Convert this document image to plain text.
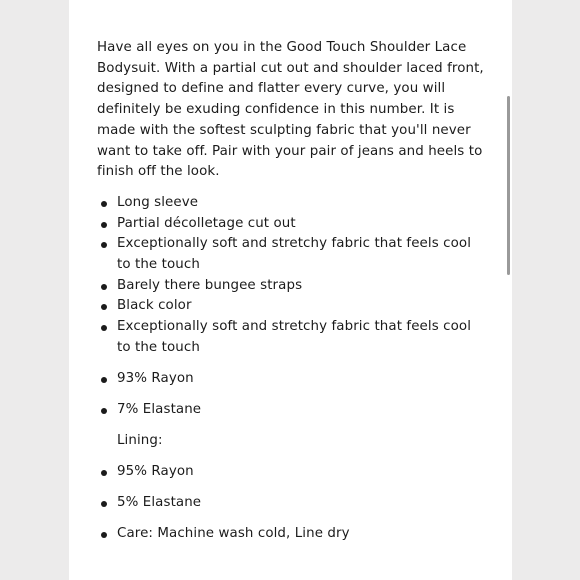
Have all eyes on you in the Good Touch Shoulder Lace Bodysuit. With a partial cut out and shoulder laced front, designed to define and flatter every curve, you will definitely be exuding confidence in this number. It is made with the softest sculpting fabric that you'll never want to take off. Pair with your pair of jeans and heels to finish off the look.

Long sleeve
Partial décolletage cut out
Exceptionally soft and stretchy fabric that feels cool to the touch
Barely there bungee straps
Black color
Exceptionally soft and stretchy fabric that feels cool to the touch
93% Rayon
7% Elastane
Lining:
95% Rayon
5% Elastane
Care: Machine wash cold, Line dry
